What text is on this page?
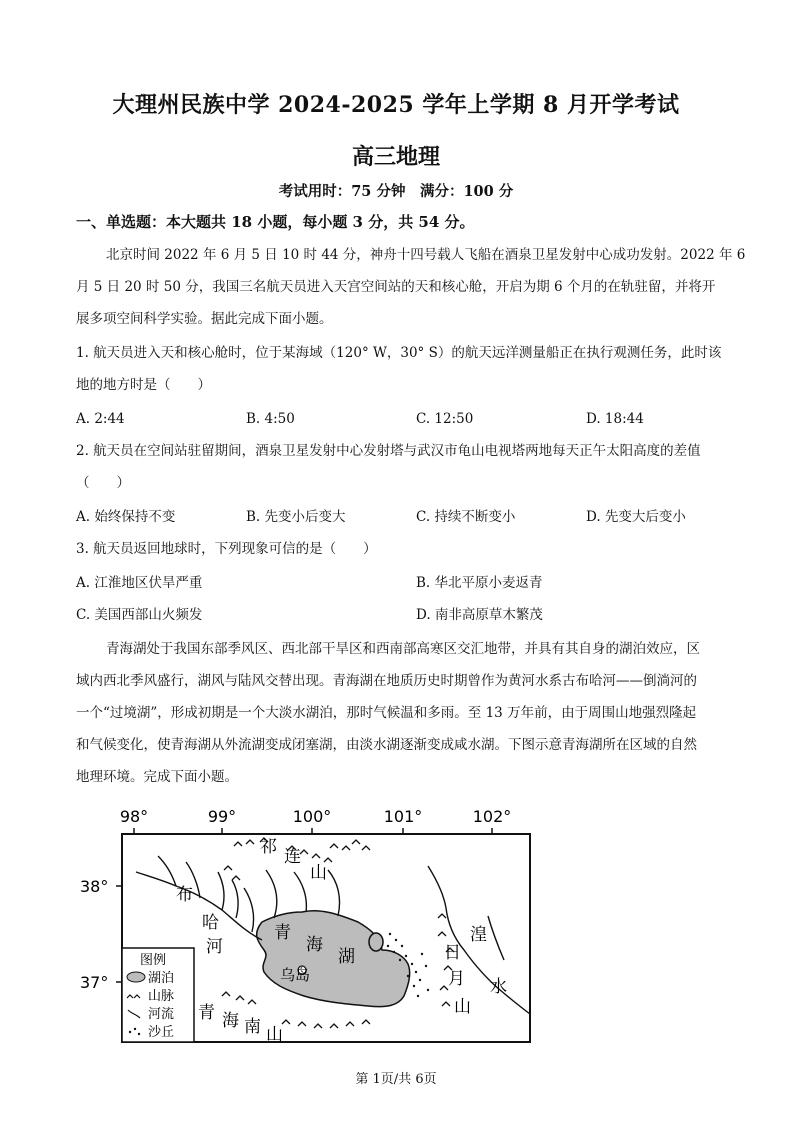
大理州民族中学 2024-2025 学年上学期 8 月开学考试
高三地理
考试用时：75 分钟　满分：100 分
一、单选题：本大题共 18 小题，每小题 3 分，共 54 分。
北京时间 2022 年 6 月 5 日 10 时 44 分，神舟十四号载人飞船在酒泉卫星发射中心成功发射。2022 年 6
月 5 日 20 时 50 分，我国三名航天员进入天宫空间站的天和核心舱，开启为期 6 个月的在轨驻留，并将开
展多项空间科学实验。据此完成下面小题。
1. 航天员进入天和核心舱时，位于某海域（120° W，30° S）的航天远洋测量船正在执行观测任务，此时该
地的地方时是（　　）
A. 2:44	B. 4:50	C. 12:50	D. 18:44
2. 航天员在空间站驻留期间，酒泉卫星发射中心发射塔与武汉市龟山电视塔两地每天正午太阳高度的差值
（　　）
A. 始终保持不变	B. 先变小后变大	C. 持续不断变小	D. 先变大后变小
3. 航天员返回地球时，下列现象可信的是（　　）
A. 江淮地区伏旱严重	B. 华北平原小麦返青
C. 美国西部山火频发	D. 南非高原草木繁茂
青海湖处于我国东部季风区、西北部干旱区和西南部高寒区交汇地带，并具有其自身的湖泊效应，区
域内西北季风盛行，湖风与陆风交替出现。青海湖在地质历史时期曾作为黄河水系古布哈河——倒淌河的
一个“过境湖”，形成初期是一个大淡水湖泊，那时气候温和多雨。至 13 万年前，由于周围山地强烈隆起
和气候变化，使青海湖从外流湖变成闭塞湖，由淡水湖逐渐变成咸水湖。下图示意青海湖所在区域的自然
地理环境。完成下面小题。
98°	99°	100°	101°	102°
38°
37°
祁 连
山
布
哈
河
青
海
湖
乌岛
日
月
山
湟
水
青 海 南 山
图例
湖泊
山脉
河流
沙丘
第 1页/共 6页
